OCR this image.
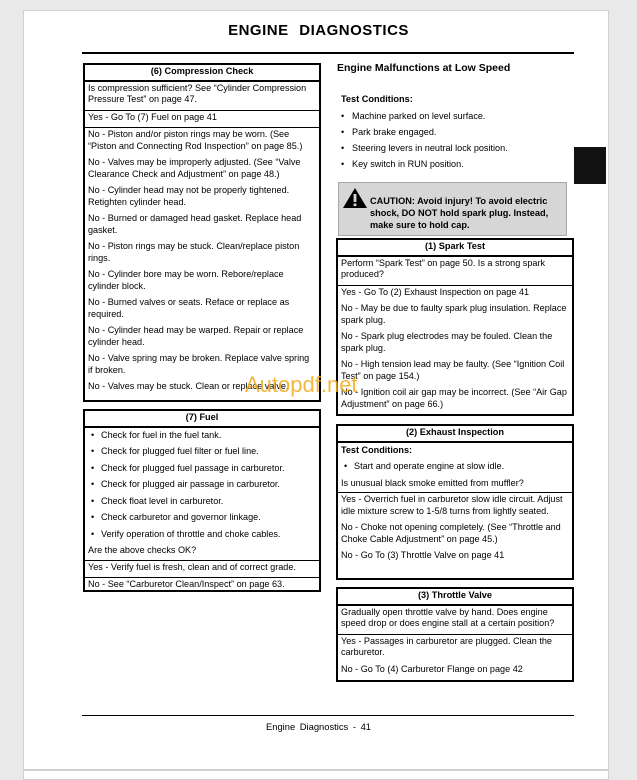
ENGINE DIAGNOSTICS
(6) Compression Check
Is compression sufficient? See “Cylinder Compression Pressure Test” on page 47.
Yes - Go To (7) Fuel on page 41
No - Piston and/or piston rings may be worn. (See “Piston and Connecting Rod Inspection” on page 85.)
No - Valves may be improperly adjusted. (See “Valve Clearance Check and Adjustment” on page 48.)
No - Cylinder head may not be properly tightened. Retighten cylinder head.
No - Burned or damaged head gasket. Replace head gasket.
No - Piston rings may be stuck. Clean/replace piston rings.
No - Cylinder bore may be worn. Rebore/replace cylinder block.
No - Burned valves or seats. Reface or replace as required.
No - Cylinder head may be warped. Repair or replace cylinder head.
No - Valve spring may be broken. Replace valve spring if broken.
No - Valves may be stuck. Clean or replace valve.
(7) Fuel
• Check for fuel in the fuel tank.
• Check for plugged fuel filter or fuel line.
• Check for plugged fuel passage in carburetor.
• Check for plugged air passage in carburetor.
• Check float level in carburetor.
• Check carburetor and governor linkage.
• Verify operation of throttle and choke cables.
Are the above checks OK?
Yes - Verify fuel is fresh, clean and of correct grade.
No - See “Carburetor Clean/Inspect” on page 63.
Engine Malfunctions at Low Speed
Test Conditions:
• Machine parked on level surface.
• Park brake engaged.
• Steering levers in neutral lock position.
• Key switch in RUN position.
CAUTION: Avoid injury! To avoid electric shock, DO NOT hold spark plug. Instead, make sure to hold cap.
(1) Spark Test
Perform “Spark Test” on page 50. Is a strong spark produced?
Yes - Go To (2) Exhaust Inspection on page 41
No - May be due to faulty spark plug insulation. Replace spark plug.
No - Spark plug electrodes may be fouled. Clean the spark plug.
No - High tension lead may be faulty. (See “Ignition Coil Test” on page 154.)
No - Ignition coil air gap may be incorrect. (See “Air Gap Adjustment” on page 66.)
(2) Exhaust Inspection
Test Conditions:
• Start and operate engine at slow idle.
Is unusual black smoke emitted from muffler?
Yes - Overrich fuel in carburetor slow idle circuit. Adjust idle mixture screw to 1-5/8 turns from lightly seated.
No - Choke not opening completely. (See “Throttle and Choke Cable Adjustment” on page 45.)
No - Go To (3) Throttle Valve on page 41
(3) Throttle Valve
Gradually open throttle valve by hand. Does engine speed drop or does engine stall at a certain position?
Yes - Passages in carburetor are plugged. Clean the carburetor.
No - Go To (4) Carburetor Flange on page 42
Autopdf.net
Engine Diagnostics - 41
